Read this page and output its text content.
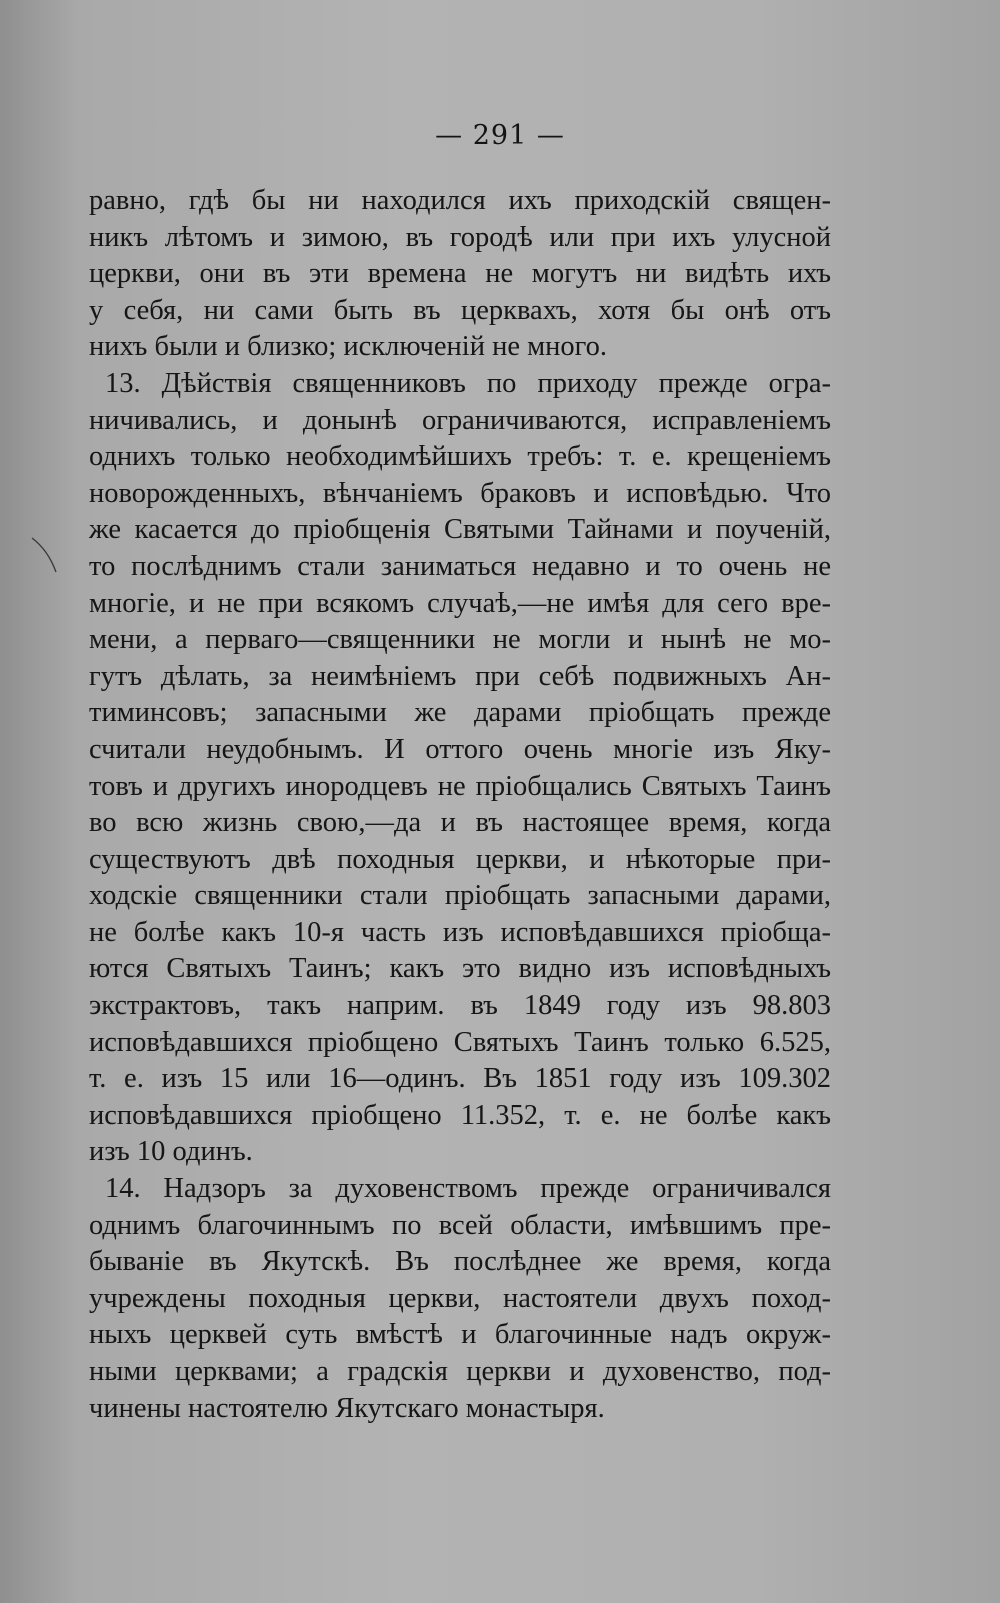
— 291 —
равно, гдѣ бы ни находился ихъ приходскій священ-
никъ лѣтомъ и зимою, въ городѣ или при ихъ улусной
церкви, они въ эти времена не могутъ ни видѣть ихъ
у себя, ни сами быть въ церквахъ, хотя бы онѣ отъ
нихъ были и близко; исключеній не много.
13. Дѣйствія священниковъ по приходу прежде огра-
ничивались, и донынѣ ограничиваются, исправленіемъ
однихъ только необходимѣйшихъ требъ: т. е. крещеніемъ
новорожденныхъ, вѣнчаніемъ браковъ и исповѣдью. Что
же касается до пріобщенія Святыми Тайнами и поученій,
то послѣднимъ стали заниматься недавно и то очень не
многіе, и не при всякомъ случаѣ,—не имѣя для сего вре-
мени, а перваго—священники не могли и нынѣ не мо-
гутъ дѣлать, за неимѣніемъ при себѣ подвижныхъ Ан-
тиминсовъ; запасными же дарами пріобщать прежде
считали неудобнымъ. И оттого очень многіе изъ Яку-
товъ и другихъ инородцевъ не пріобщались Святыхъ Таинъ
во всю жизнь свою,—да и въ настоящее время, когда
существуютъ двѣ походныя церкви, и нѣкоторые при-
ходскіе священники стали пріобщать запасными дарами,
не болѣе какъ 10-я часть изъ исповѣдавшихся пріобща-
ются Святыхъ Таинъ; какъ это видно изъ исповѣдныхъ
экстрактовъ, такъ наприм. въ 1849 году изъ 98.803
исповѣдавшихся пріобщено Святыхъ Таинъ только 6.525,
т. е. изъ 15 или 16—одинъ. Въ 1851 году изъ 109.302
исповѣдавшихся пріобщено 11.352, т. е. не болѣе какъ
изъ 10 одинъ.
14. Надзоръ за духовенствомъ прежде ограничивался
однимъ благочиннымъ по всей области, имѣвшимъ пре-
бываніе въ Якутскѣ. Въ послѣднее же время, когда
учреждены походныя церкви, настоятели двухъ поход-
ныхъ церквей суть вмѣстѣ и благочинные надъ окруж-
ными церквами; а градскія церкви и духовенство, под-
чинены настоятелю Якутскаго монастыря.
